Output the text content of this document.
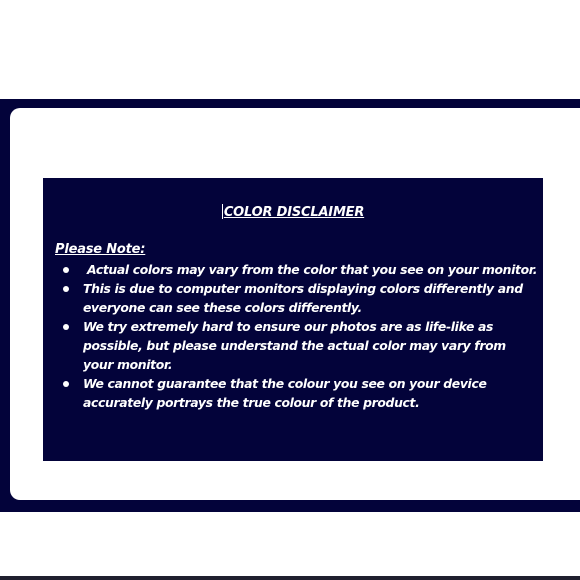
COLOR DISCLAIMER
Please Note:
Actual colors may vary from the color that you see on your monitor.
This is due to computer monitors displaying colors differently and everyone can see these colors differently.
We try extremely hard to ensure our photos are as life-like as possible, but please understand the actual color may vary from your monitor.
We cannot guarantee that the colour you see on your device accurately portrays the true colour of the product.
